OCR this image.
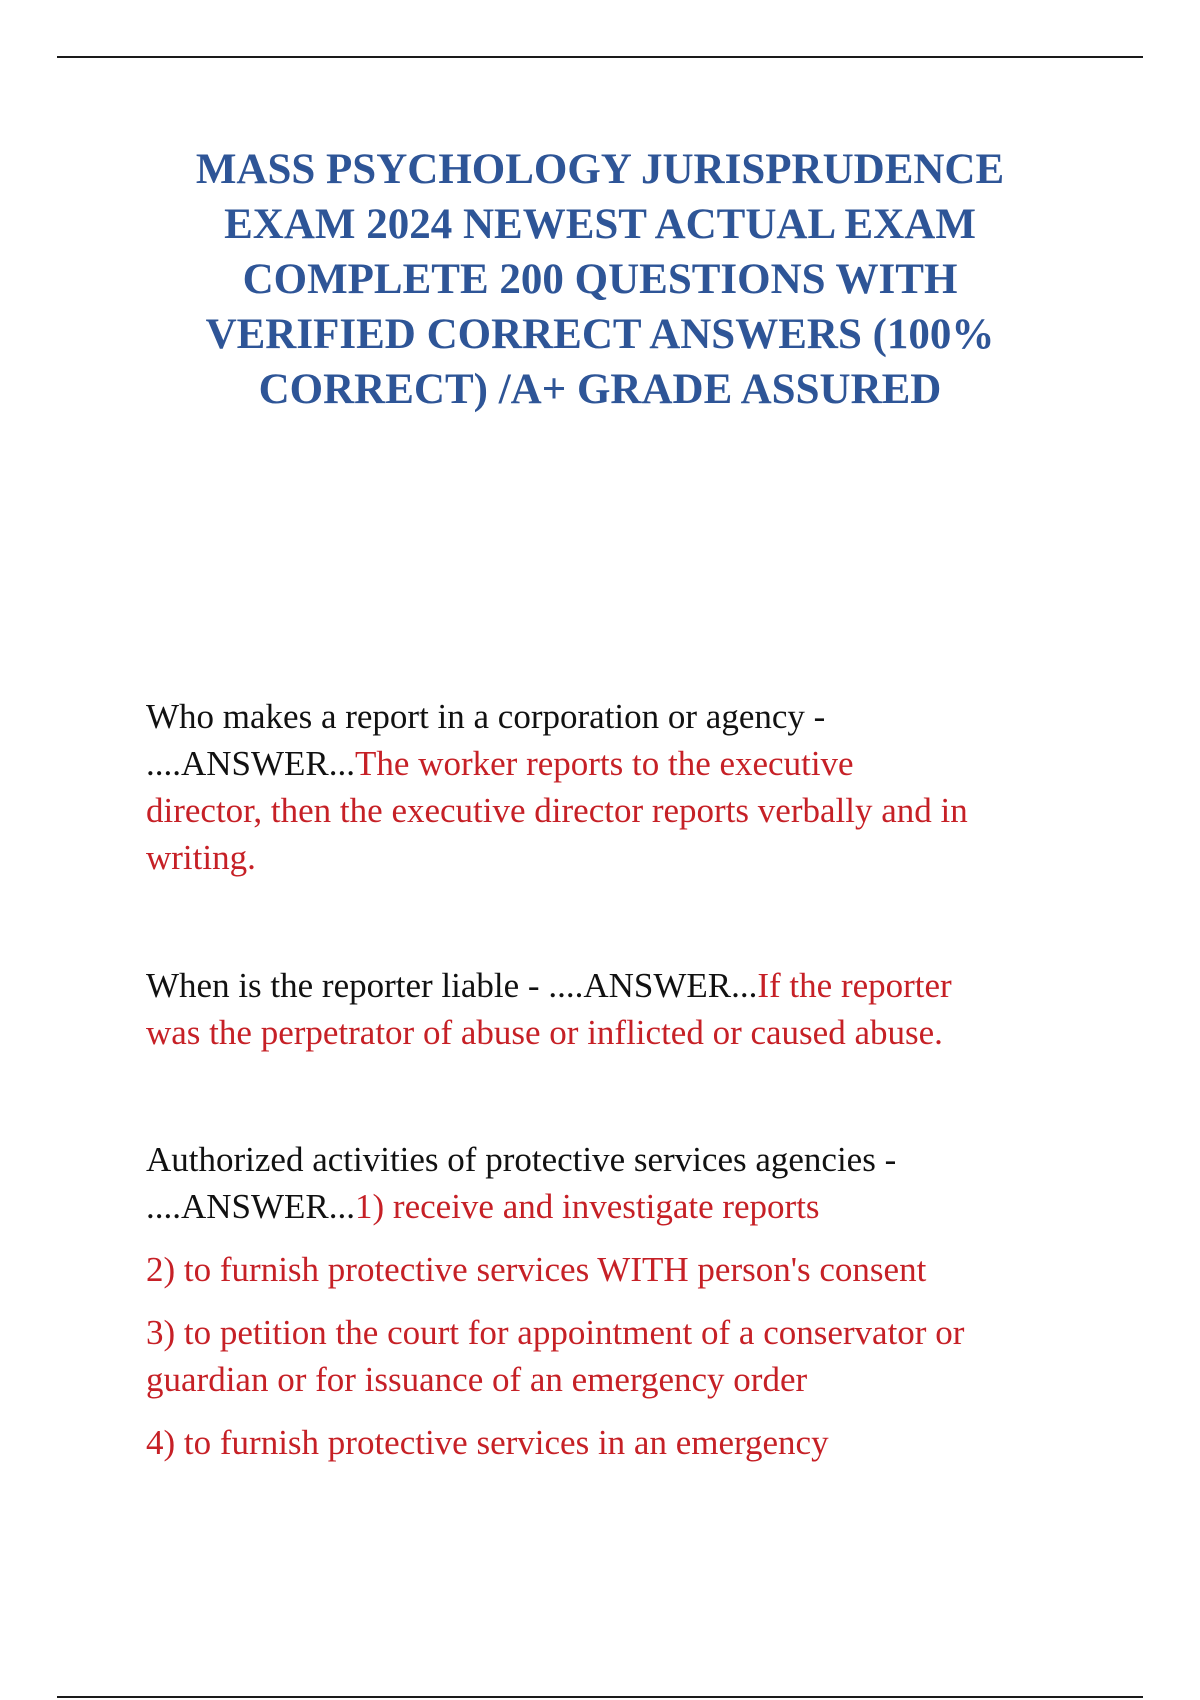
MASS PSYCHOLOGY JURISPRUDENCE
EXAM 2024 NEWEST ACTUAL EXAM
COMPLETE 200 QUESTIONS WITH
VERIFIED CORRECT ANSWERS (100%
CORRECT) /A+ GRADE ASSURED

Who makes a report in a corporation or agency -
....ANSWER...The worker reports to the executive
director, then the executive director reports verbally and in
writing.

When is the reporter liable - ....ANSWER...If the reporter
was the perpetrator of abuse or inflicted or caused abuse.

Authorized activities of protective services agencies -
....ANSWER...1) receive and investigate reports

2) to furnish protective services WITH person's consent

3) to petition the court for appointment of a conservator or
guardian or for issuance of an emergency order

4) to furnish protective services in an emergency
